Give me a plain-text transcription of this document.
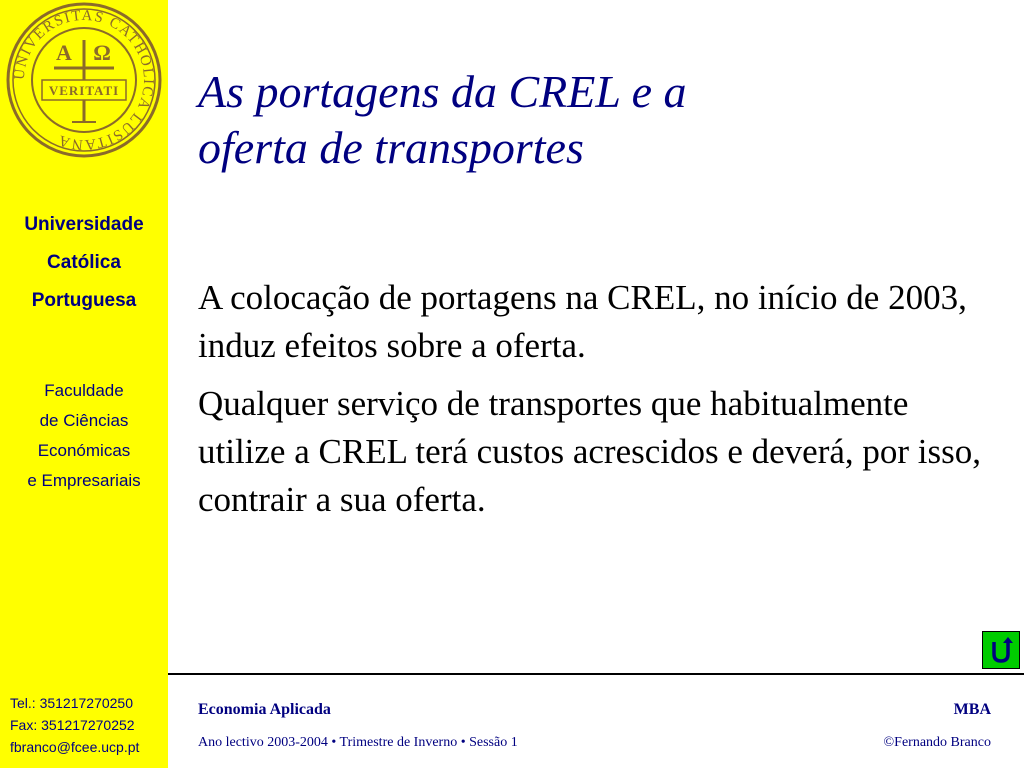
UNIVERSITAS CATHOLICA LUSITANA
A Ω
VERITATI
Universidade
Católica
Portuguesa
Faculdade
de Ciências
Económicas
e Empresariais
Tel.: 351217270250
Fax: 351217270252
fbranco@fcee.ucp.pt
As portagens da CREL e a
oferta de transportes

A colocação de portagens na CREL, no início de 2003, induz efeitos sobre a oferta.

Qualquer serviço de transportes que habitualmente utilize a CREL terá custos acrescidos e deverá, por isso, contrair a sua oferta.

Economia Aplicada
Ano lectivo 2003-2004 • Trimestre de Inverno • Sessão 1
MBA
©Fernando Branco
